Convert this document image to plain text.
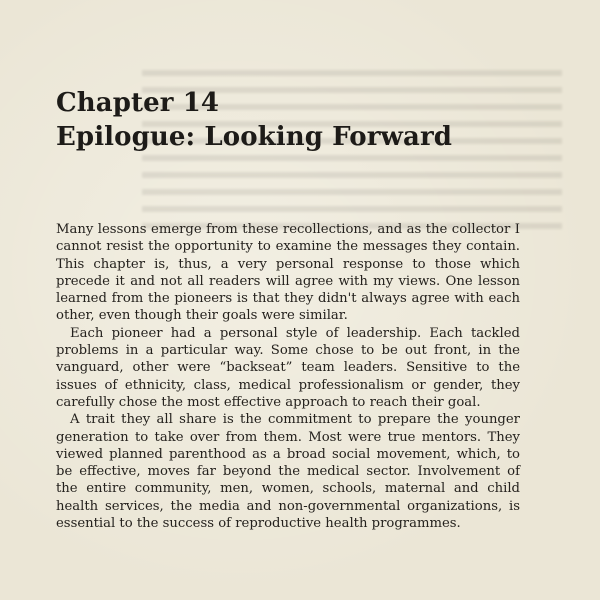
Chapter 14
Epilogue: Looking Forward

Many lessons emerge from these recollections, and as the collector I cannot resist the opportunity to examine the messages they contain. This chapter is, thus, a very personal response to those which precede it and not all readers will agree with my views. One lesson learned from the pioneers is that they didn't always agree with each other, even though their goals were similar.

Each pioneer had a personal style of leadership. Each tackled problems in a particular way. Some chose to be out front, in the vanguard, other were “backseat” team leaders. Sensitive to the issues of ethnicity, class, medical professionalism or gender, they carefully chose the most effective approach to reach their goal.

A trait they all share is the commitment to prepare the younger generation to take over from them. Most were true mentors. They viewed planned parenthood as a broad social movement, which, to be effective, moves far beyond the medical sector. Involvement of the entire community, men, women, schools, maternal and child health services, the media and non-governmental organizations, is essential to the success of reproductive health programmes.
